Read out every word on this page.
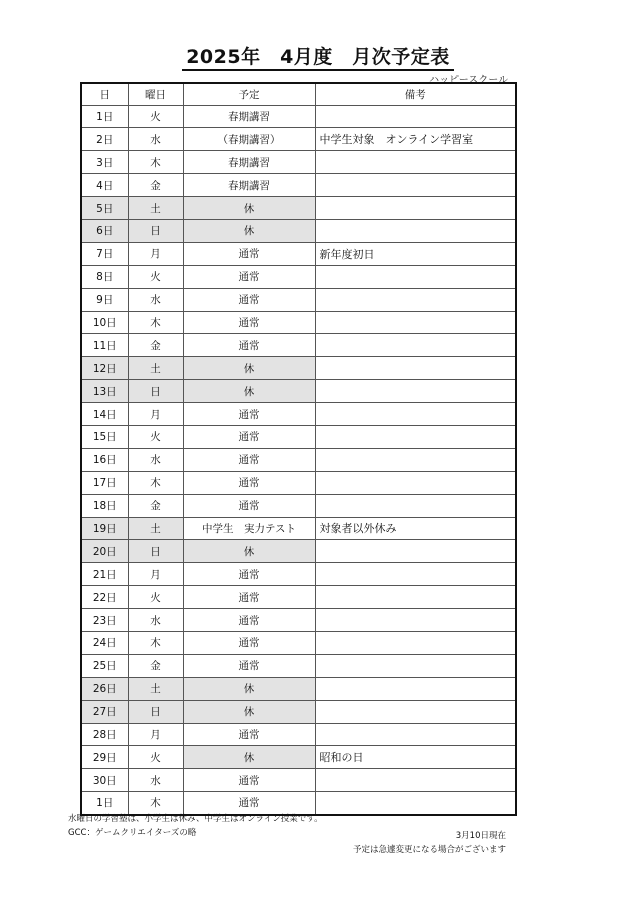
2025年　4月度　月次予定表
ハッピースクール
日	曜日	予定	備考
1日	火	春期講習	
2日	水	（春期講習）	中学生対象　オンライン学習室
3日	木	春期講習	
4日	金	春期講習	
5日	土	休	
6日	日	休	
7日	月	通常	新年度初日
8日	火	通常	
9日	水	通常	
10日	木	通常	
11日	金	通常	
12日	土	休	
13日	日	休	
14日	月	通常	
15日	火	通常	
16日	水	通常	
17日	木	通常	
18日	金	通常	
19日	土	中学生　実力テスト	対象者以外休み
20日	日	休	
21日	月	通常	
22日	火	通常	
23日	水	通常	
24日	木	通常	
25日	金	通常	
26日	土	休	
27日	日	休	
28日	月	通常	
29日	火	休	昭和の日
30日	水	通常	
1日	木	通常	
水曜日の学習塾は、小学生は休み、中学生はオンライン授業です。
GCC：ゲームクリエイターズの略	3月10日現在
予定は急遽変更になる場合がございます
